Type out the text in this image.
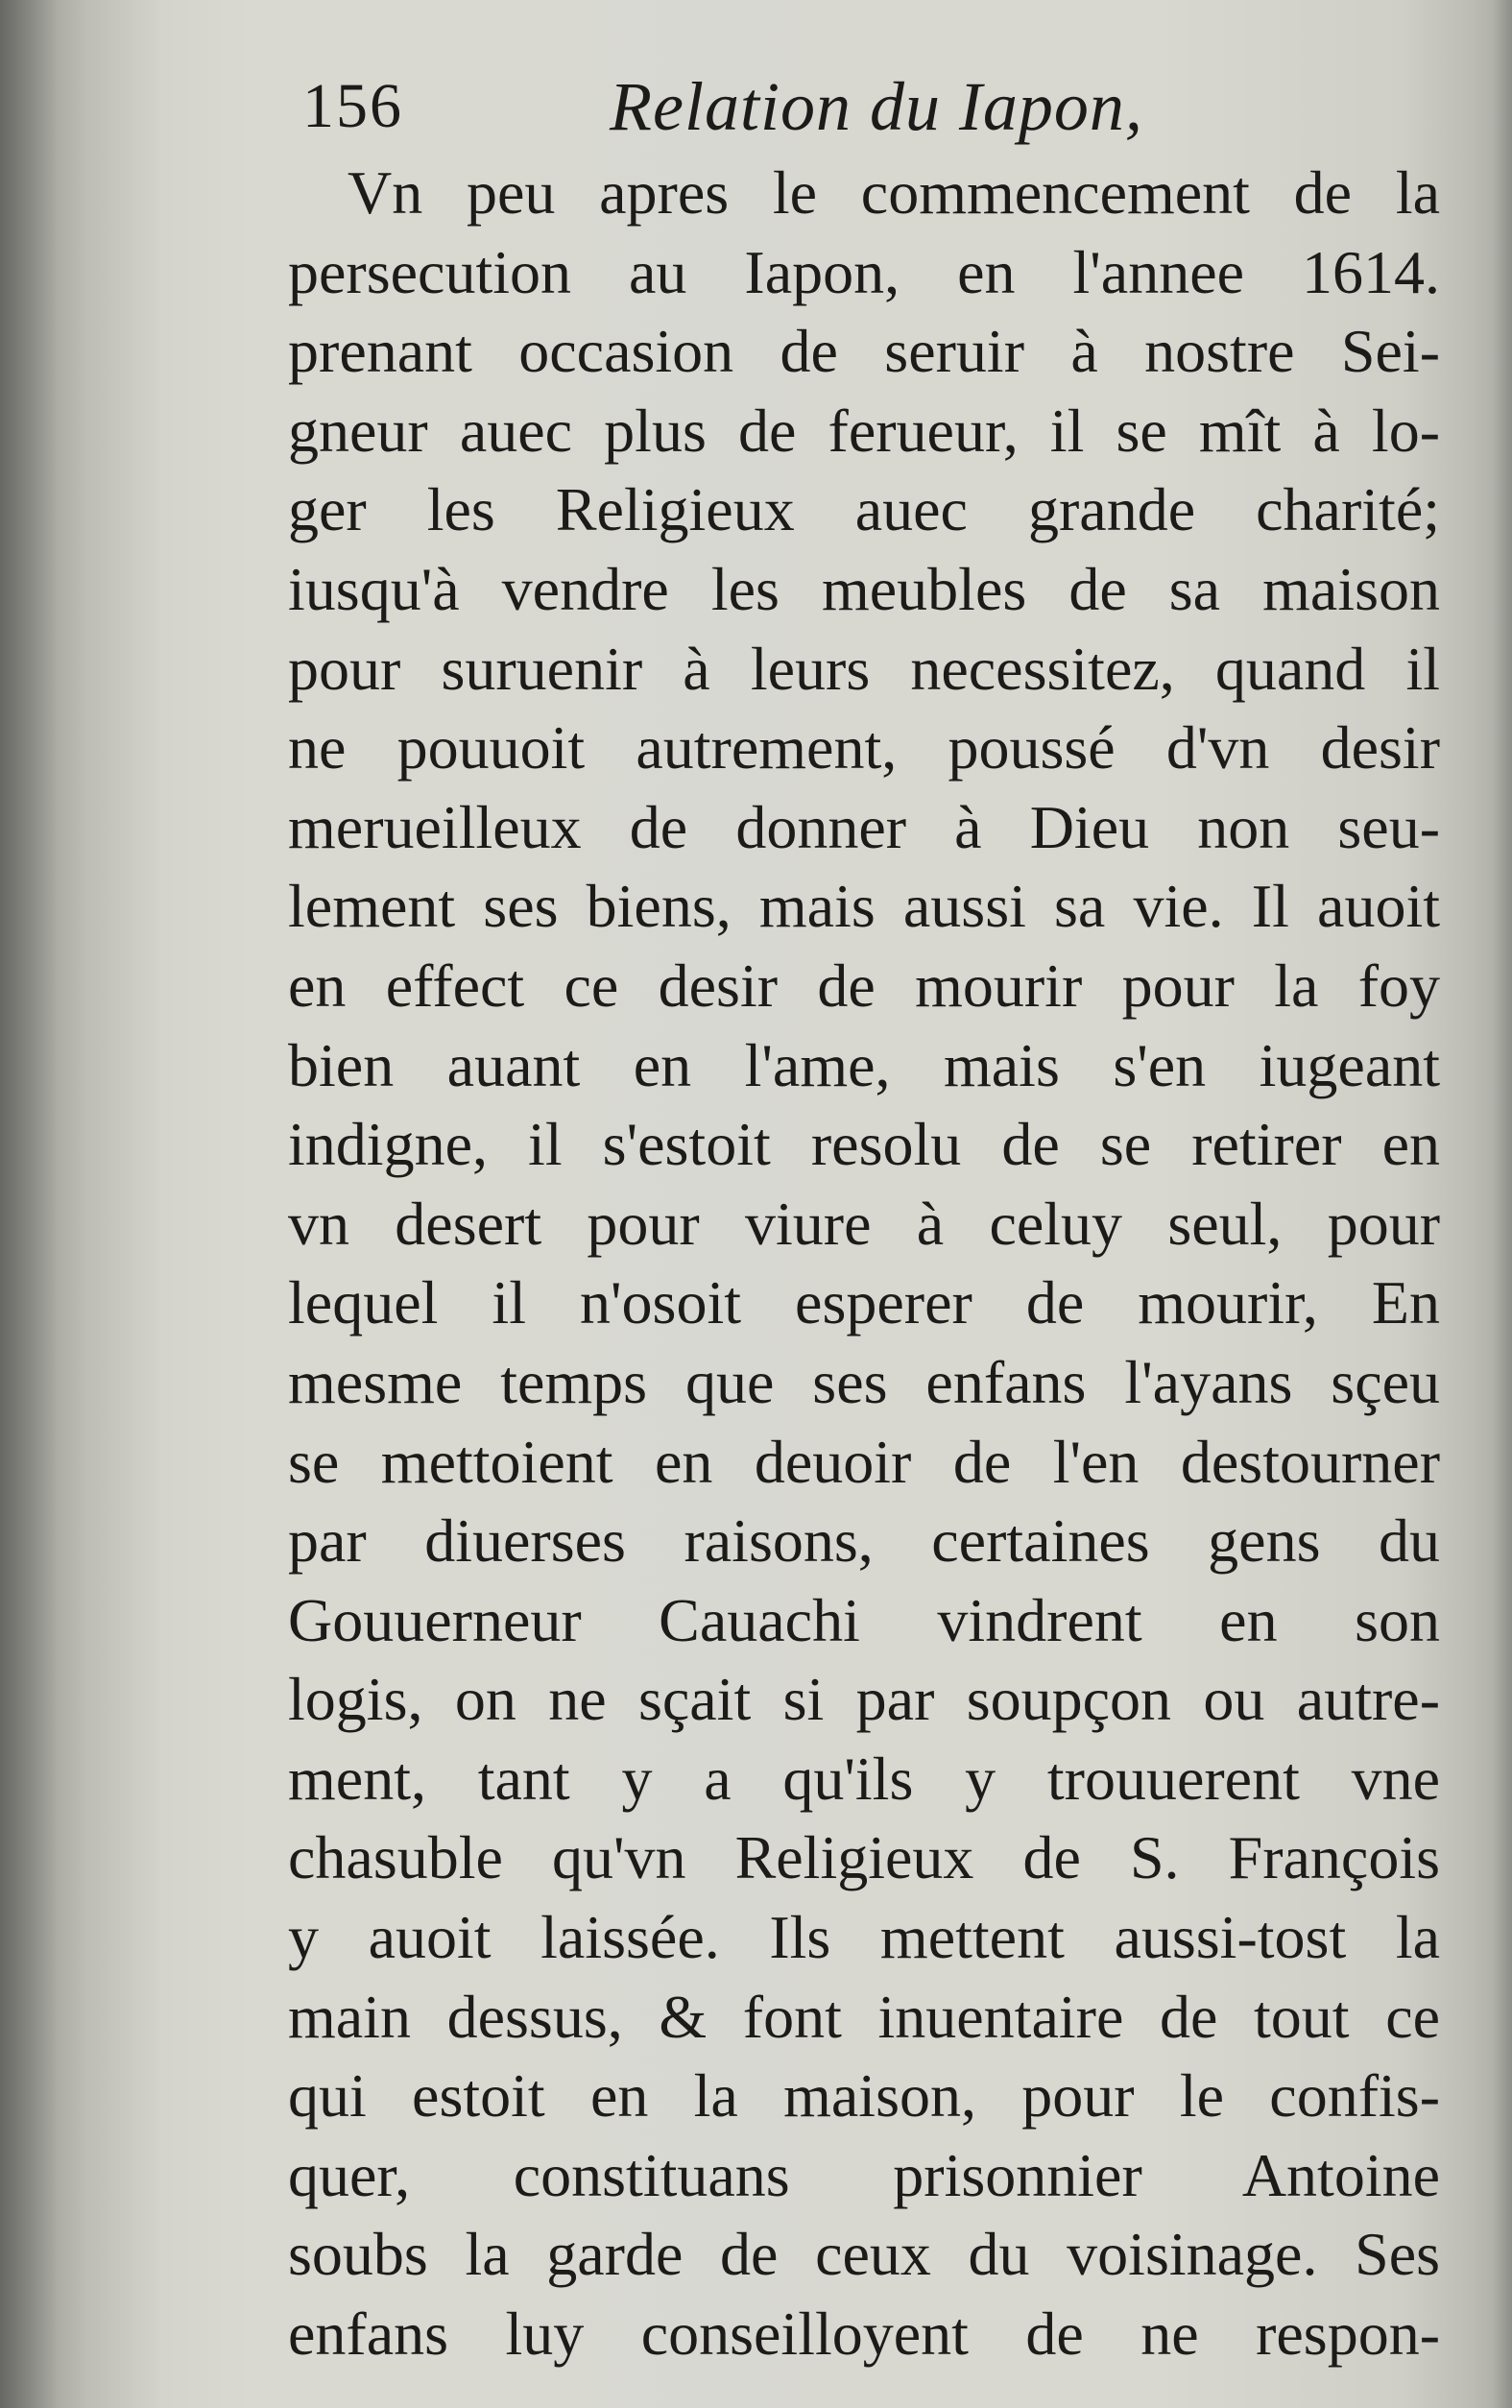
156	Relation du Iapon,
Vn peu apres le commencement de la
persecution au Iapon, en l'annee 1614.
prenant occasion de seruir à nostre Sei-
gneur auec plus de ferueur, il se mît à lo-
ger les Religieux auec grande charité;
iusqu'à vendre les meubles de sa maison
pour suruenir à leurs necessitez, quand il
ne pouuoit autrement, poussé d'vn desir
merueilleux de donner à Dieu non seu-
lement ses biens, mais aussi sa vie. Il auoit
en effect ce desir de mourir pour la foy
bien auant en l'ame, mais s'en iugeant
indigne, il s'estoit resolu de se retirer en
vn desert pour viure à celuy seul, pour
lequel il n'osoit esperer de mourir, En
mesme temps que ses enfans l'ayans sçeu
se mettoient en deuoir de l'en destourner
par diuerses raisons, certaines gens du
Gouuerneur Cauachi vindrent en son
logis, on ne sçait si par soupçon ou autre-
ment, tant y a qu'ils y trouuerent vne
chasuble qu'vn Religieux de S. François
y auoit laissée. Ils mettent aussi-tost la
main dessus, & font inuentaire de tout ce
qui estoit en la maison, pour le confis-
quer, constituans prisonnier Antoine
soubs la garde de ceux du voisinage. Ses
enfans luy conseilloyent de ne respon-
